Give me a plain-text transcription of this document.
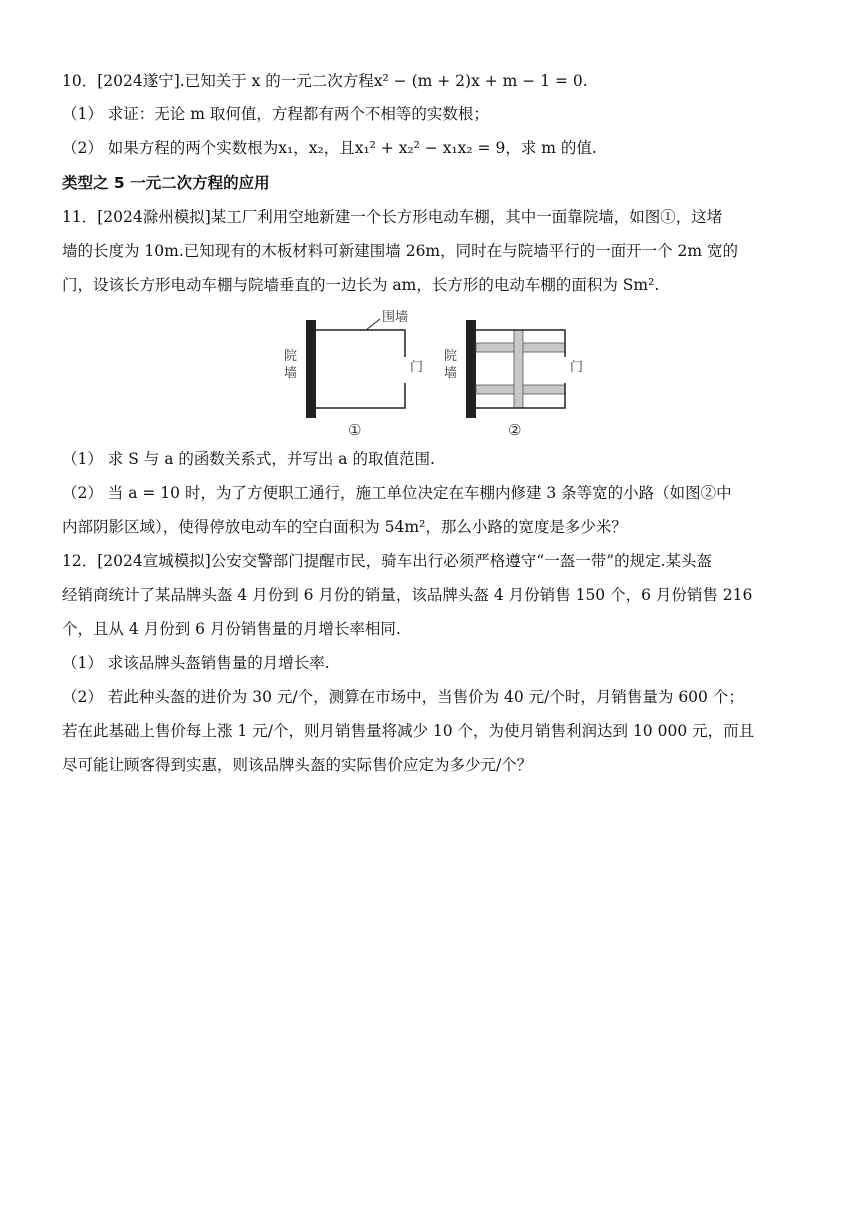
10．[2024遂宁].已知关于 x 的一元二次方程x² − (m + 2)x + m − 1 = 0.
（1） 求证：无论 m 取何值，方程都有两个不相等的实数根；
（2） 如果方程的两个实数根为x₁，x₂，且x₁² + x₂² − x₁x₂ = 9，求 m 的值.
类型之 5 一元二次方程的应用
11．[2024滁州模拟]某工厂利用空地新建一个长方形电动车棚，其中一面靠院墙，如图①，这堵
墙的长度为 10m.已知现有的木板材料可新建围墙 26m，同时在与院墙平行的一面开一个 2m 宽的
门，设该长方形电动车棚与院墙垂直的一边长为 am，长方形的电动车棚的面积为 Sm².
院
墙
围墙
门
①
院
墙	门
②
（1） 求 S 与 a 的函数关系式，并写出 a 的取值范围.
（2） 当 a = 10 时，为了方便职工通行，施工单位决定在车棚内修建 3 条等宽的小路（如图②中
内部阴影区域），使得停放电动车的空白面积为 54m²，那么小路的宽度是多少米？
12．[2024宣城模拟]公安交警部门提醒市民，骑车出行必须严格遵守“一盔一带”的规定.某头盔
经销商统计了某品牌头盔 4 月份到 6 月份的销量，该品牌头盔 4 月份销售 150 个，6 月份销售 216
个，且从 4 月份到 6 月份销售量的月增长率相同.
（1） 求该品牌头盔销售量的月增长率.
（2） 若此种头盔的进价为 30 元/个，测算在市场中，当售价为 40 元/个时，月销售量为 600 个；
若在此基础上售价每上涨 1 元/个，则月销售量将减少 10 个，为使月销售利润达到 10 000 元，而且
尽可能让顾客得到实惠，则该品牌头盔的实际售价应定为多少元/个？
